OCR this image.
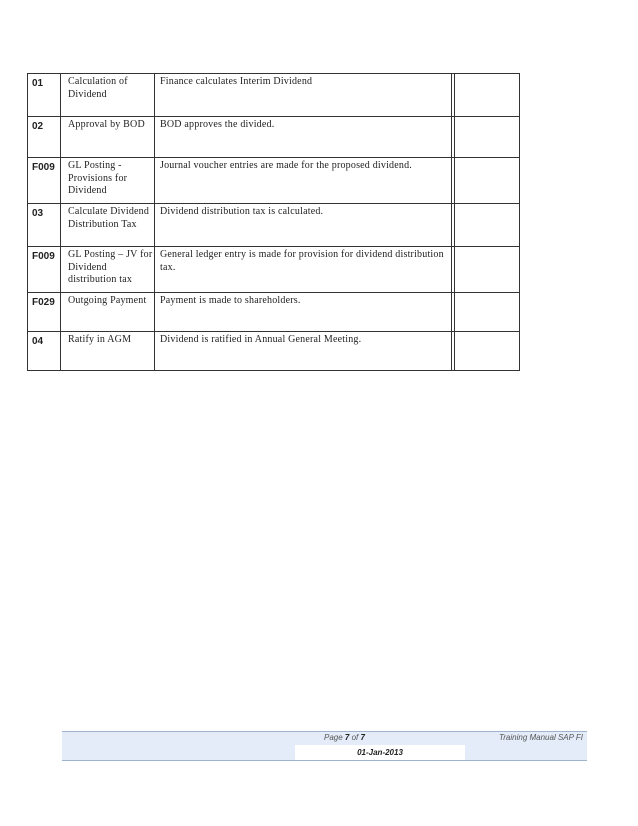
01	Calculation of Dividend	Finance calculates Interim Dividend		
02	Approval by BOD	BOD approves the divided.		
F009	GL Posting - Provisions for Dividend	Journal voucher entries are made for the proposed dividend.		
03	Calculate Dividend Distribution Tax	Dividend distribution tax is calculated.		
F009	GL Posting – JV for Dividend distribution tax	General ledger entry is made for provision for dividend distribution tax.		
F029	Outgoing Payment	Payment is made to shareholders.		
04	Ratify in AGM	Dividend is ratified in Annual General Meeting.		
Page 7 of 7	Training Manual SAP FI
01-Jan-2013
